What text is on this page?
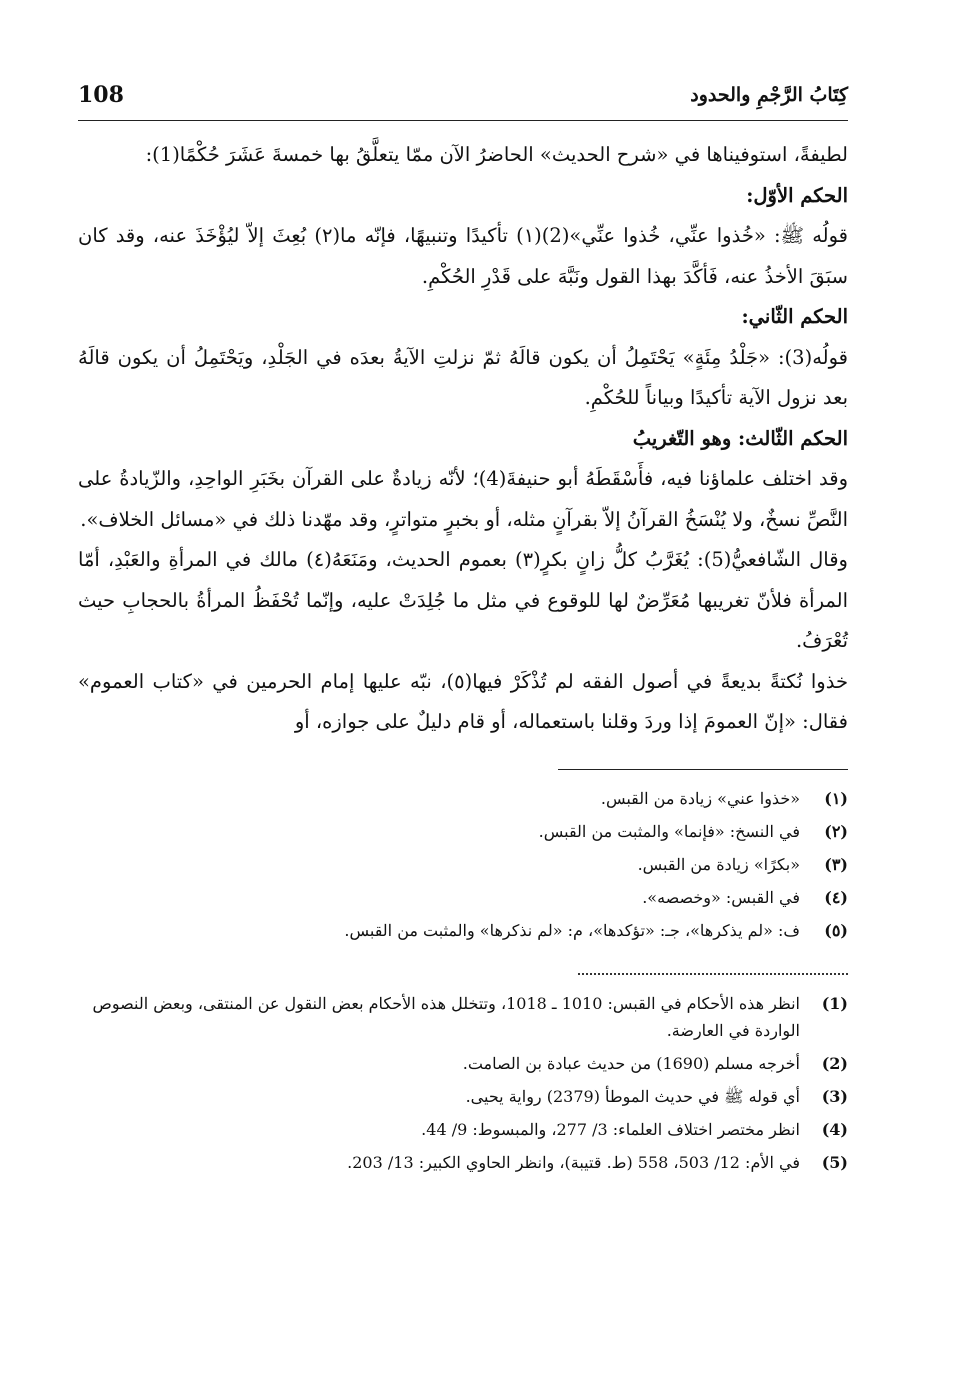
108	كِتَابُ الرَّجْمِ والحدود

لطيفةً، استوفيناها في «شرح الحديث» الحاضرُ الآن ممّا يتعلَّقُ بها خمسةَ عَشَرَ حُكْمًا(1):

الحكم الأوّل:

قولُه ﷺ: «خُذوا عنِّي، خُذوا عنِّي»(2)(١) تأكيدًا وتنبيهًا، فإنّه ما(٢) بُعِثَ إلاّ ليُؤْخَذَ عنه، وقد كان سبَقَ الأخذُ عنه، فَأكَّدَ بهذا القول ونَبَّهَ على قَدْرِ الحُكْمِ.

الحكم الثّاني:

قولُه(3): «جَلْدُ مِئَةٍ» يَحْتَمِلُ أن يكون قالَهُ ثمّ نزلتِ الآيةُ بعدَه في الجَلْدِ، ويَحْتَمِلُ أن يكون قالَهُ بعد نزول الآية تأكيدًا وبياناً للحُكْمِ.

الحكم الثّالث: وهو التّغريبُ

وقد اختلف علماؤنا فيه، فأَسْقَطَهُ أبو حنيفةَ(4)؛ لأنّه زيادةٌ على القرآن بخَبَرِ الواحِدِ، والزّيادةُ على النَّصِّ نسخٌ، ولا يُنْسَخُ القرآنُ إلاّ بقرآنٍ مثله، أو بخبرٍ متواترٍ، وقد مهّدنا ذلك في «مسائل الخلاف».

وقال الشّافعيُّ(5): يُغَرَّبُ كلُّ زانٍ بكرٍ(٣) بعموم الحديث، ومَنَعَهُ(٤) مالك في المرأةِ والعَبْدِ، أمّا المرأة فلأنّ تغريبها مُعَرِّضٌ لها للوقوع في مثل ما جُلِدَتْ عليه، وإنّما تُحْفَظُ المرأةُ بالحجابِ حيث تُعْرَفُ.

خذوا نُكتةً بديعةً في أصول الفقه لم تُذْكَرْ فيها(٥)، نبّه عليها إمام الحرمين في «كتاب العموم» فقال: «إنّ العمومَ إذا وردَ وقلنا باستعماله، أو قام دليلٌ على جوازه، أو

(١)
«خذوا عني» زيادة من القبس.
(٢)
في النسخ: «فإنما» والمثبت من القبس.
(٣)
«بكرًا» زيادة من القبس.
(٤)
في القبس: «وخصصه».
(٥)
ف: «لم يذكرها»، جـ: «تؤكدها»، م: «لم نذكرها» والمثبت من القبس.
(1)
انظر هذه الأحكام في القبس: 1010 ـ 1018، وتتخلل هذه الأحكام بعض النقول عن المنتقى، وبعض النصوص الواردة في العارضة.
(2)
أخرجه مسلم (1690) من حديث عبادة بن الصامت.
(3)
أي قوله ﷺ في حديث الموطأ (2379) رواية يحيى.
(4)
انظر مختصر اختلاف العلماء: 3/ 277، والمبسوط: 9/ 44.
(5)
في الأم: 12/ 503، 558 (ط. قتيبة)، وانظر الحاوي الكبير: 13/ 203.
